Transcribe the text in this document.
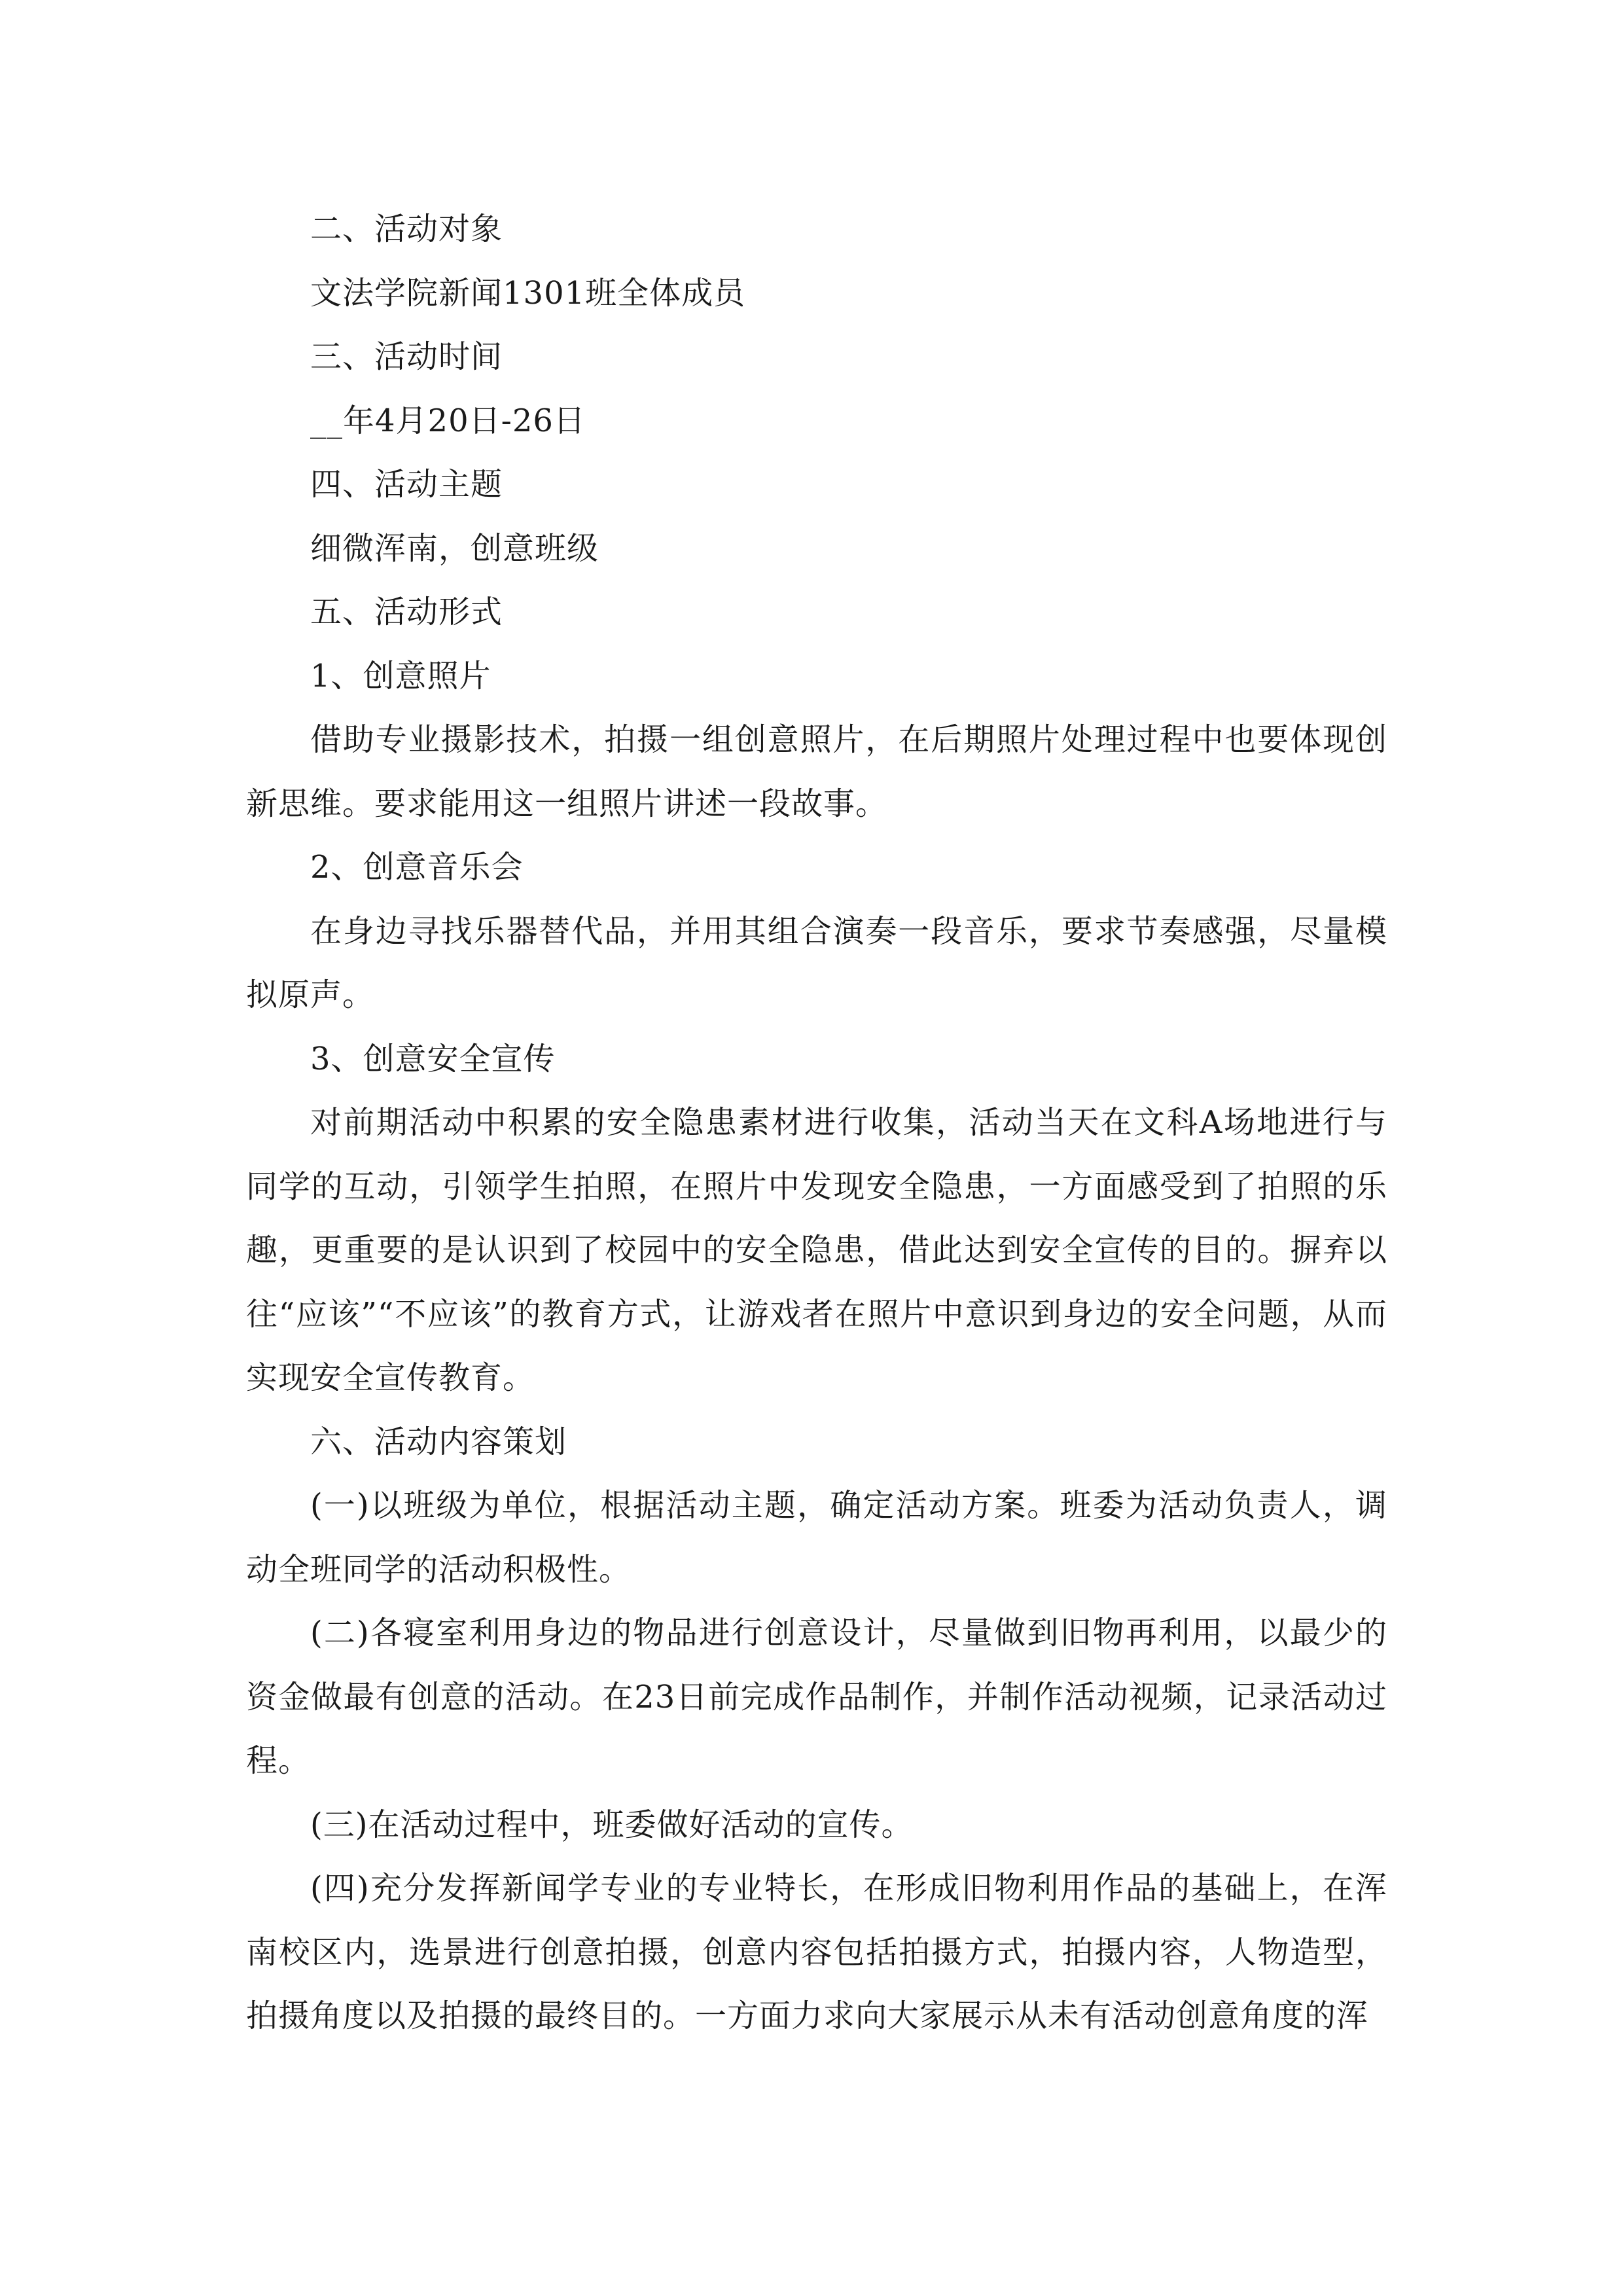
二、活动对象

文法学院新闻1301班全体成员

三、活动时间

__年4月20日-26日

四、活动主题

细微浑南，创意班级

五、活动形式

1、创意照片

借助专业摄影技术，拍摄一组创意照片，在后期照片处理过程中也要体现创新思维。要求能用这一组照片讲述一段故事。

2、创意音乐会

在身边寻找乐器替代品，并用其组合演奏一段音乐，要求节奏感强，尽量模拟原声。

3、创意安全宣传

对前期活动中积累的安全隐患素材进行收集，活动当天在文科A场地进行与同学的互动，引领学生拍照，在照片中发现安全隐患，一方面感受到了拍照的乐趣，更重要的是认识到了校园中的安全隐患，借此达到安全宣传的目的。摒弃以往“应该”“不应该”的教育方式，让游戏者在照片中意识到身边的安全问题，从而实现安全宣传教育。

六、活动内容策划

(一)以班级为单位，根据活动主题，确定活动方案。班委为活动负责人，调动全班同学的活动积极性。

(二)各寝室利用身边的物品进行创意设计，尽量做到旧物再利用，以最少的资金做最有创意的活动。在23日前完成作品制作，并制作活动视频，记录活动过程。

(三)在活动过程中，班委做好活动的宣传。

(四)充分发挥新闻学专业的专业特长，在形成旧物利用作品的基础上，在浑南校区内，选景进行创意拍摄，创意内容包括拍摄方式，拍摄内容，人物造型，拍摄角度以及拍摄的最终目的。一方面力求向大家展示从未有活动创意角度的浑
